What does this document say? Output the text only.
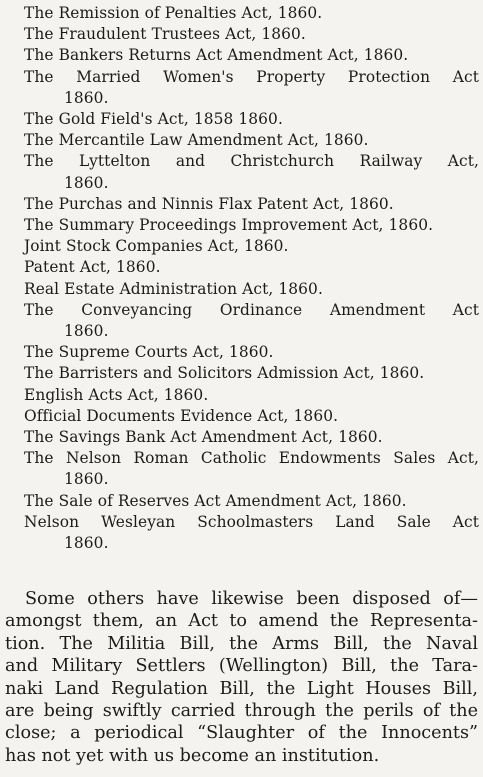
The Remission of Penalties Act, 1860.
The Fraudulent Trustees Act, 1860.
The Bankers Returns Act Amendment Act, 1860.
The Married Women's Property Protection Act
1860.
The Gold Field's Act, 1858 1860.
The Mercantile Law Amendment Act, 1860.
The Lyttelton and Christchurch Railway Act,
1860.
The Purchas and Ninnis Flax Patent Act, 1860.
The Summary Proceedings Improvement Act, 1860.
Joint Stock Companies Act, 1860.
Patent Act, 1860.
Real Estate Administration Act, 1860.
The Conveyancing Ordinance Amendment Act
1860.
The Supreme Courts Act, 1860.
The Barristers and Solicitors Admission Act, 1860.
English Acts Act, 1860.
Official Documents Evidence Act, 1860.
The Savings Bank Act Amendment Act, 1860.
The Nelson Roman Catholic Endowments Sales Act,
1860.
The Sale of Reserves Act Amendment Act, 1860.
Nelson Wesleyan Schoolmasters Land Sale Act
1860.
Some others have likewise been disposed of—
amongst them, an Act to amend the Representa-
tion. The Militia Bill, the Arms Bill, the Naval
and Military Settlers (Wellington) Bill, the Tara-
naki Land Regulation Bill, the Light Houses Bill,
are being swiftly carried through the perils of the
close; a periodical “Slaughter of the Innocents”
has not yet with us become an institution.
